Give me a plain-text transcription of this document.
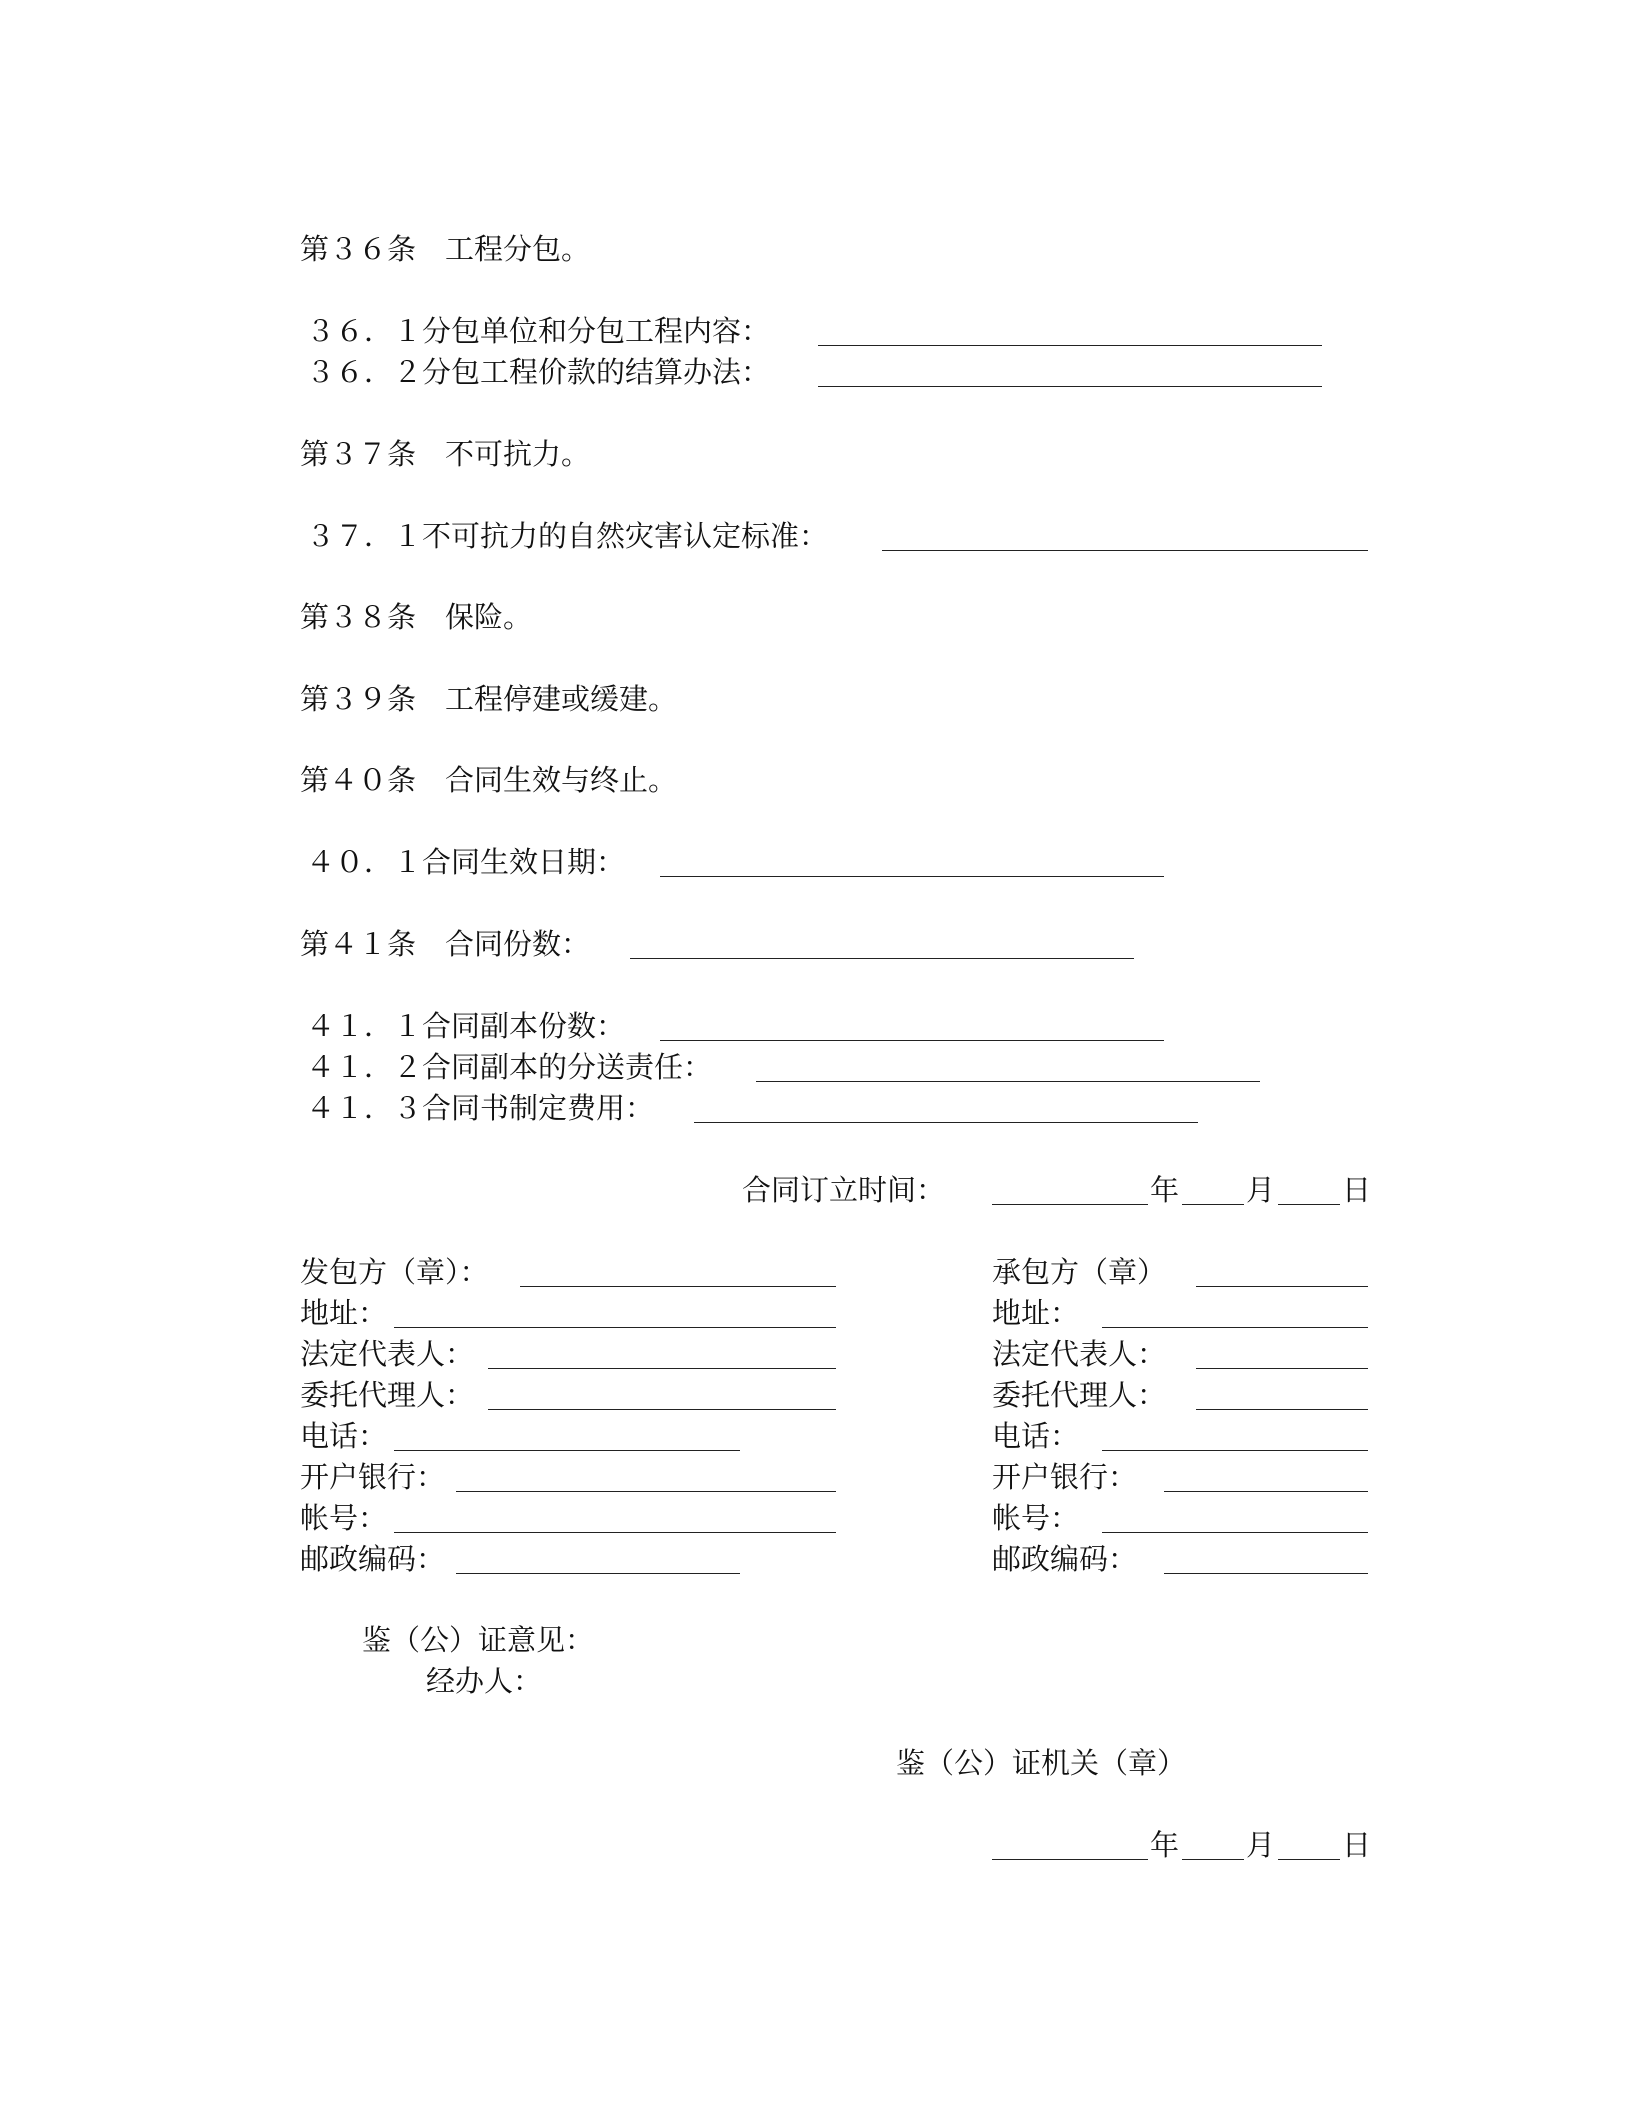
第３６条　工程分包。
３６．１分包单位和分包工程内容：
３６．２分包工程价款的结算办法：
第３７条　不可抗力。
３７．１不可抗力的自然灾害认定标准：
第３８条　保险。
第３９条　工程停建或缓建。
第４０条　合同生效与终止。
４０．１合同生效日期：
第４１条　合同份数：
４１．１合同副本份数：
４１．２合同副本的分送责任：
４１．３合同书制定费用：
合同订立时间：	年 月 日
发包方（章）：
地址：
法定代表人：
委托代理人：
电话：
开户银行：
帐号：
邮政编码：
承包方（章）
地址：
法定代表人：
委托代理人：
电话：
开户银行：
帐号：
邮政编码：
鉴（公）证意见：
经办人：
鉴（公）证机关（章）
年 月 日
